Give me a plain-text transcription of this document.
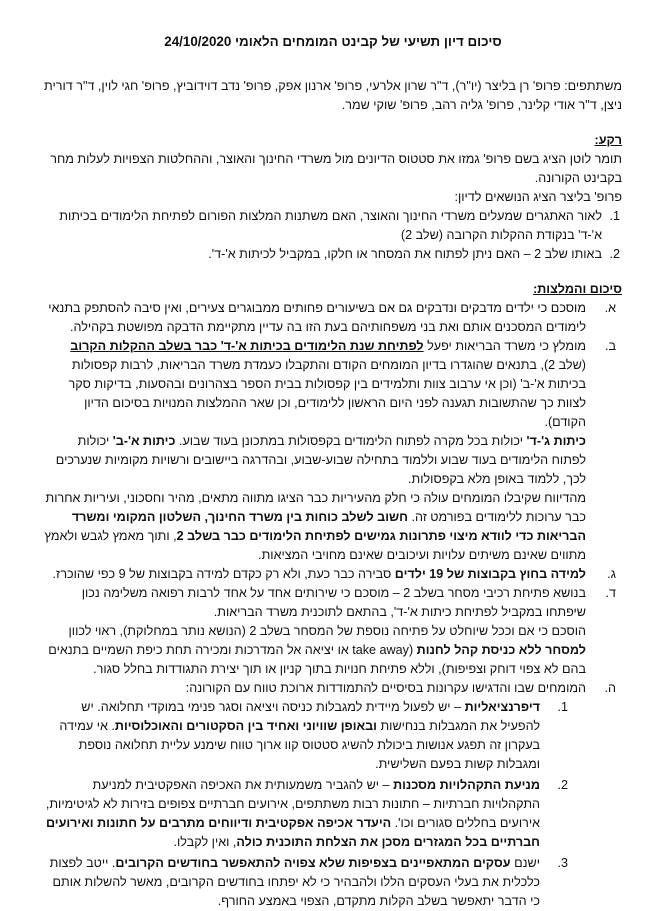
סיכום דיון תשיעי של קבינט המומחים הלאומי 24/10/2020

משתתפים: פרופ' רן בליצר (יו"ר), ד"ר שרון אלרעי, פרופ' ארנון אפק, פרופ' נדב דוידוביץ, פרופ' חגי לוין, ד"ר דורית ניצן, ד"ר אודי קלינר, פרופ' גליה רהב, פרופ' שוקי שמר.

רקע:

תומר לוטן הציג בשם פרופ' גמזו את סטטוס הדיונים מול משרדי החינוך והאוצר, וההחלטות הצפויות לעלות מחר בקבינט הקורונה.

פרופ' בליצר הציג הנושאים לדיון:

1.
לאור האתגרים שמעלים משרדי החינוך והאוצר, האם משתנות המלצות הפורום לפתיחת הלימודים בכיתות א'-ד' בנקודת ההקלות הקרובה (שלב 2)
2.
באותו שלב 2 – האם ניתן לפתוח את המסחר או חלקו, במקביל לכיתות א'-ד'.
סיכום והמלצות:
א.
מוסכם כי ילדים מדבקים ונדבקים גם אם בשיעורים פחותים ממבוגרים צעירים, ואין סיבה להסתפק בתנאי לימודים המסכנים אותם ואת בני משפחותיהם בעת הזו בה עדיין מתקיימת הדבקה מפושטת בקהילה.
ב.

מומלץ כי משרד הבריאות יפעל לפתיחת שנת הלימודים בכיתות א'-ד' כבר בשלב ההקלות הקרוב (שלב 2), בתנאים שהוגדרו בדיון המומחים הקודם והתקבלו כעמדת משרד הבריאות, לרבות קפסולות בכיתות א'-ב' (וכן אי ערבוב צוות ותלמידים בין קפסולות בבית הספר בצהרונים ובהסעות, בדיקות סקר לצוות כך שהתשובות תגענה לפני היום הראשון ללימודים, וכן שאר ההמלצות המנויות בסיכום הדיון הקודם).

כיתות ג'-ד' יכולות בכל מקרה לפתוח הלימודים בקפסולות במתכונן בעוד שבוע. כיתות א'-ב' יכולות לפתוח הלימודים בעוד שבוע וללמוד בתחילה שבוע-שבוע, ובהדרגה ביישובים ורשויות מקומיות שנערכים לכך, ללמוד באופן מלא בקפסולות.

מהדיווח שקיבלו המומחים עולה כי חלק מהעיריות כבר הציגו מתווה מתאים, מהיר וחסכוני, ועיריות אחרות כבר ערוכות ללימודים בפורמט זה. חשוב לשלב כוחות בין משרד החינוך, השלטון המקומי ומשרד הבריאות כדי לוודא מיצוי פתרונות גמישים לפתיחת הלימודים כבר בשלב 2, ותוך מאמץ לגבש ולאמץ מתווים שאינם משיתים עלויות ועיכובים שאינם מחויבי המציאות.

ג.
למידה בחוץ בקבוצות של 19 ילדים סבירה כבר כעת, ולא רק כקדם למידה בקבוצות של 9 כפי שהוכרז.
ד.

בנושא פתיחת רכיבי מסחר בשלב 2 – מוסכם כי שירותים אחד על אחד לרבות רפואה משלימה נכון שיפתחו במקביל לפתיחת כיתות א'-ד', בהתאם לתוכנית משרד הבריאות.

הוסכם כי אם וככל שיוחלט על פתיחה נוספת של המסחר בשלב 2 (הנושא נותר במחלוקת), ראוי לכוון למסחר ללא כניסת קהל לחנות (take away או יציאה אל המדרכות ומכירה תחת כיפת השמיים בתנאים בהם לא צפוי דוחק וצפיפות), וללא פתיחת חנויות בתוך קניון או תוך יצירת התגודדות בחלל סגור.

ה.

המומחים שבו והדגישו עקרונות בסיסיים להתמודדות ארוכת טווח עם הקורונה:

1.
דיפרנציאליות – יש לפעול מיידית למגבלות כניסה ויציאה וסגר פנימי במוקדי תחלואה. יש להפעיל את המגבלות בנחישות ובאופן שוויוני ואחיד בין הסקטורים והאוכלוסיות. אי עמידה בעקרון זה תפגע אנושות ביכולת להשיג סטטוס קוו ארוך טווח שימנע עליית תחלואה נוספת ומגבלות קשות בפעם השלישית.
2.
מניעת התקהלויות מסכנות – יש להגביר משמעותית את האכיפה האפקטיבית למניעת התקהלויות חברתיות – חתונות רבות משתתפים, אירועים חברתיים צפופים בזירות לא לגיטימיות, אירועים בחללים סגורים וכו'. היעדר אכיפה אפקטיבית ודיווחים מתרבים על חתונות ואירועים חברתיים בכל המגזרים מסכן את הצלחת התוכנית כולה, ואין לקבלו.
3.
ישנם עסקים המתאפיינים בצפיפות שלא צפויה להתאפשר בחודשים הקרובים. ייטב לפצות כלכלית את בעלי העסקים הללו ולהבהיר כי לא יפתחו בחודשים הקרובים, מאשר להשלות אותם כי הדבר יתאפשר בשלב הקלות מתקדם, הצפוי באמצע החורף.
